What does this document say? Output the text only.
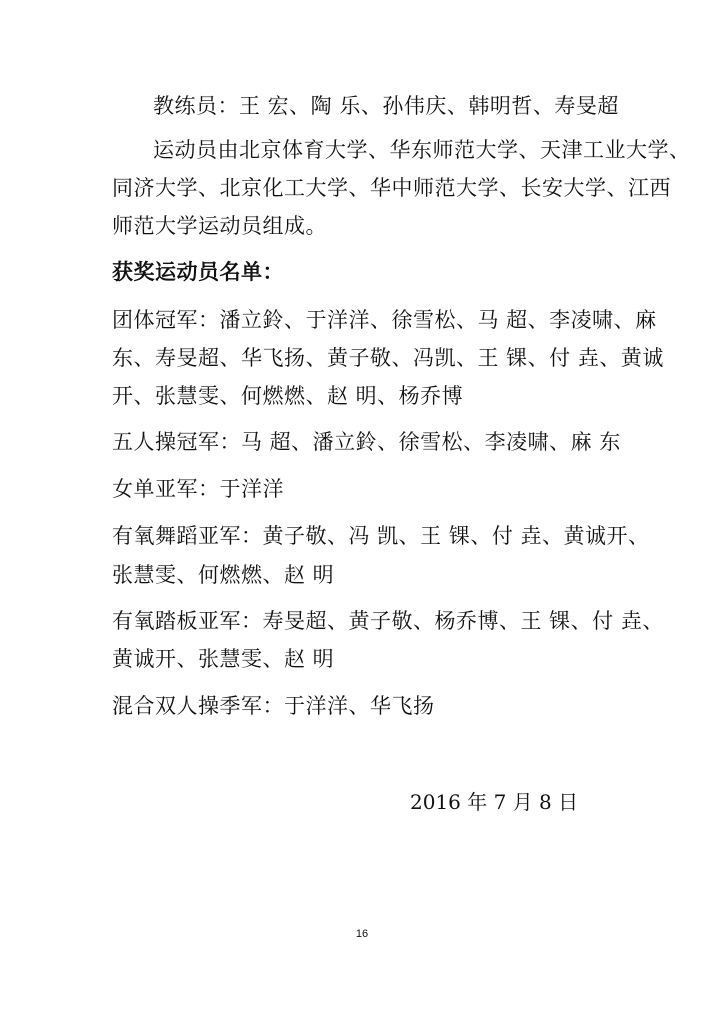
教练员：王 宏、陶 乐、孙伟庆、韩明哲、寿旻超
运动员由北京体育大学、华东师范大学、天津工业大学、
同济大学、北京化工大学、华中师范大学、长安大学、江西
师范大学运动员组成。
获奖运动员名单：
团体冠军：潘立鈴、于洋洋、徐雪松、马 超、李凌啸、麻
东、寿旻超、华飞扬、黄子敬、冯凯、王 锞、付 垚、黄诚
开、张慧雯、何燃燃、赵 明、杨乔博
五人操冠军：马 超、潘立鈴、徐雪松、李凌啸、麻 东
女单亚军：于洋洋
有氧舞蹈亚军：黄子敬、冯 凯、王 锞、付 垚、黄诚开、
张慧雯、何燃燃、赵 明
有氧踏板亚军：寿旻超、黄子敬、杨乔博、王 锞、付 垚、
黄诚开、张慧雯、赵 明
混合双人操季军：于洋洋、华飞扬
2016 年 7 月 8 日
16
